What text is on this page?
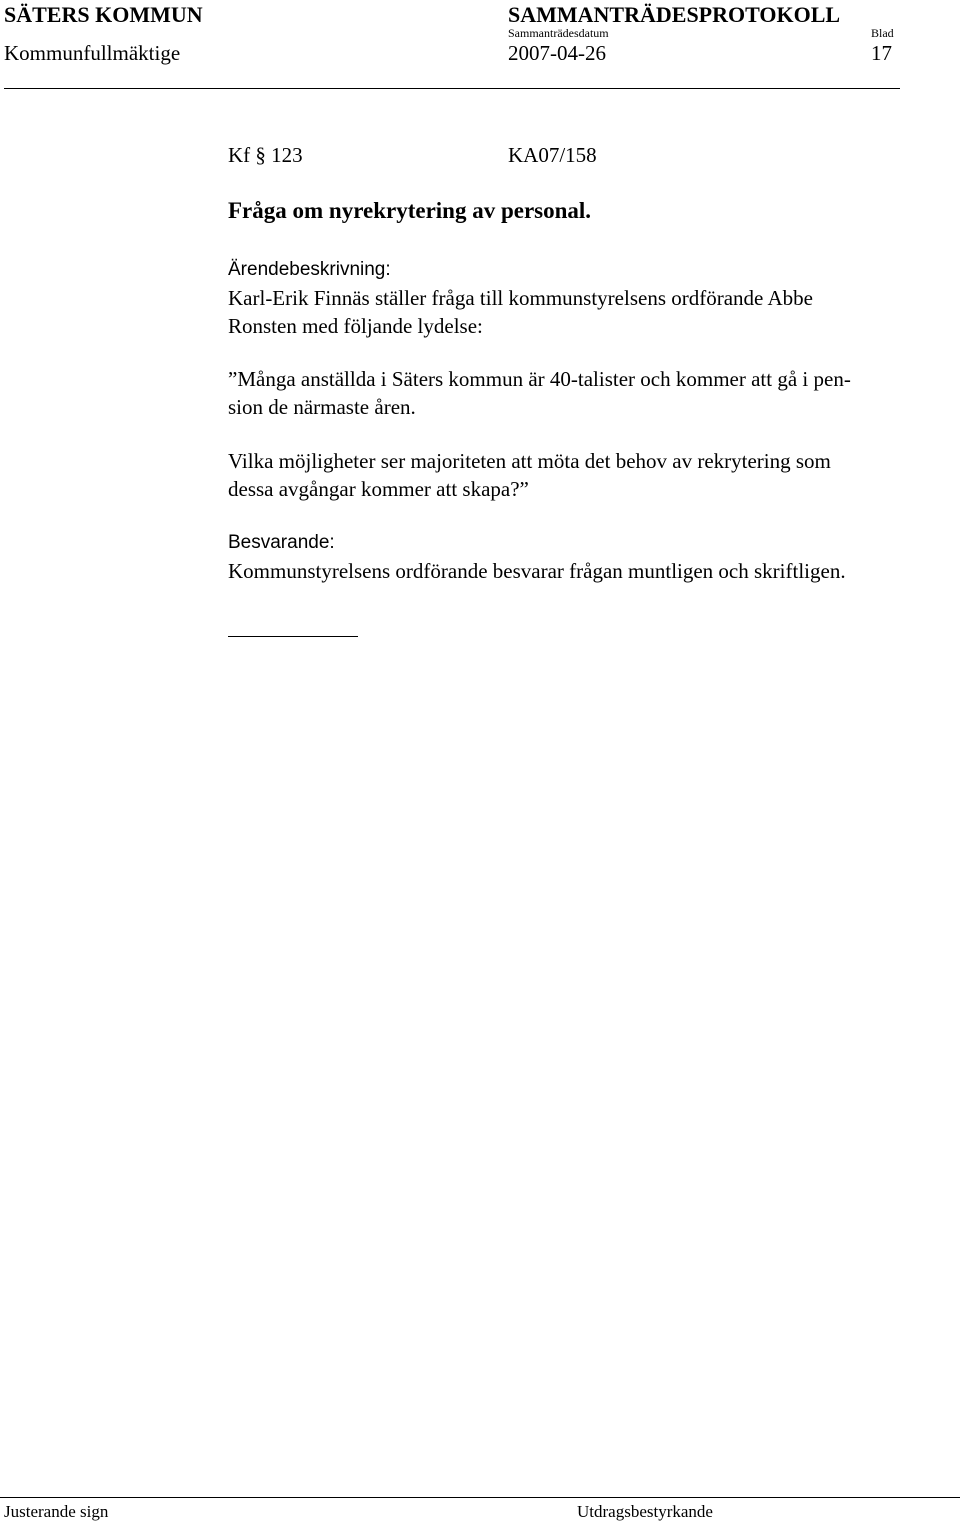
SÄTERS KOMMUN	SAMMANTRÄDESPROTOKOLL
Sammanträdesdatum	Blad
Kommunfullmäktige	2007-04-26	17
Kf § 123	KA07/158
Fråga om nyrekrytering av personal.
Ärendebeskrivning:
Karl-Erik Finnäs ställer fråga till kommunstyrelsens ordförande Abbe
Ronsten med följande lydelse:
”Många anställda i Säters kommun är 40-talister och kommer att gå i pen-
sion de närmaste åren.
Vilka möjligheter ser majoriteten att möta det behov av rekrytering som
dessa avgångar kommer att skapa?”
Besvarande:
Kommunstyrelsens ordförande besvarar frågan muntligen och skriftligen.
Justerande sign	Utdragsbestyrkande
